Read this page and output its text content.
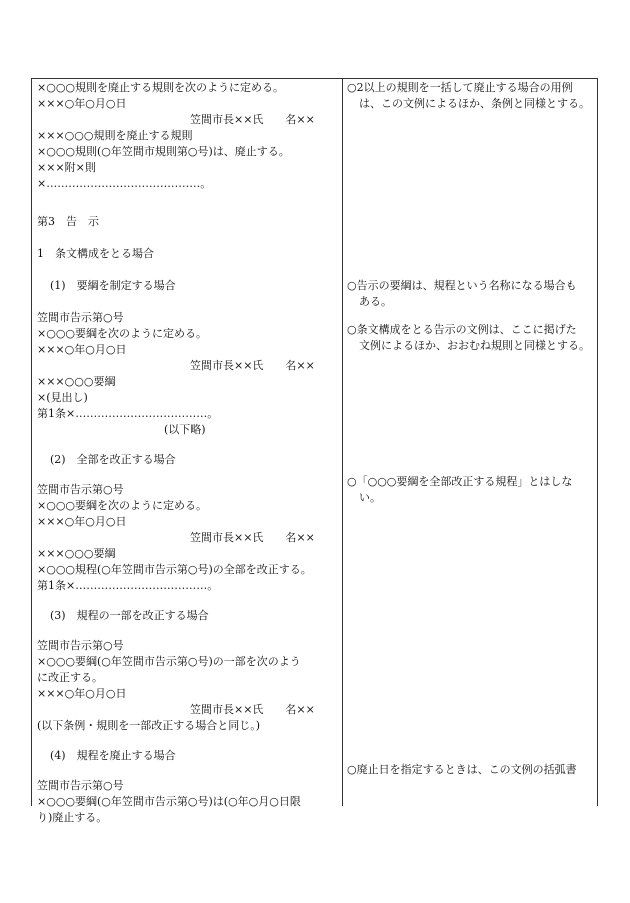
×○○○規則を廃止する規則を次のように定める。
×××○年○月○日
笠間市長××氏　　名××
×××○○○規則を廃止する規則
×○○○規則(○年笠間市規則第○号)は、廃止する。
×××附×則
×……………………………………。
第3　告　示
1　条文構成をとる場合
(1)　要綱を制定する場合
笠間市告示第○号
×○○○要綱を次のように定める。
×××○年○月○日
笠間市長××氏　　名××
×××○○○要綱
×(見出し)
第1条×………………………………。
(以下略)
(2)　全部を改正する場合
笠間市告示第○号
×○○○要綱を次のように定める。
×××○年○月○日
笠間市長××氏　　名××
×××○○○要綱
×○○○規程(○年笠間市告示第○号)の全部を改正する。
第1条×………………………………。
(3)　規程の一部を改正する場合
笠間市告示第○号
×○○○要綱(○年笠間市告示第○号)の一部を次のよう
に改正する。
×××○年○月○日
笠間市長××氏　　名××
(以下条例・規則を一部改正する場合と同じ。)
(4)　規程を廃止する場合
笠間市告示第○号
×○○○要綱(○年笠間市告示第○号)は(○年○月○日限
り)廃止する。
○2以上の規則を一括して廃止する場合の用例
は、この文例によるほか、条例と同様とする。
○告示の要綱は、規程という名称になる場合も
ある。
○条文構成をとる告示の文例は、ここに掲げた
文例によるほか、おおむね規則と同様とする。
○「○○○要綱を全部改正する規程」とはしな
い。
○廃止日を指定するときは、この文例の括弧書
